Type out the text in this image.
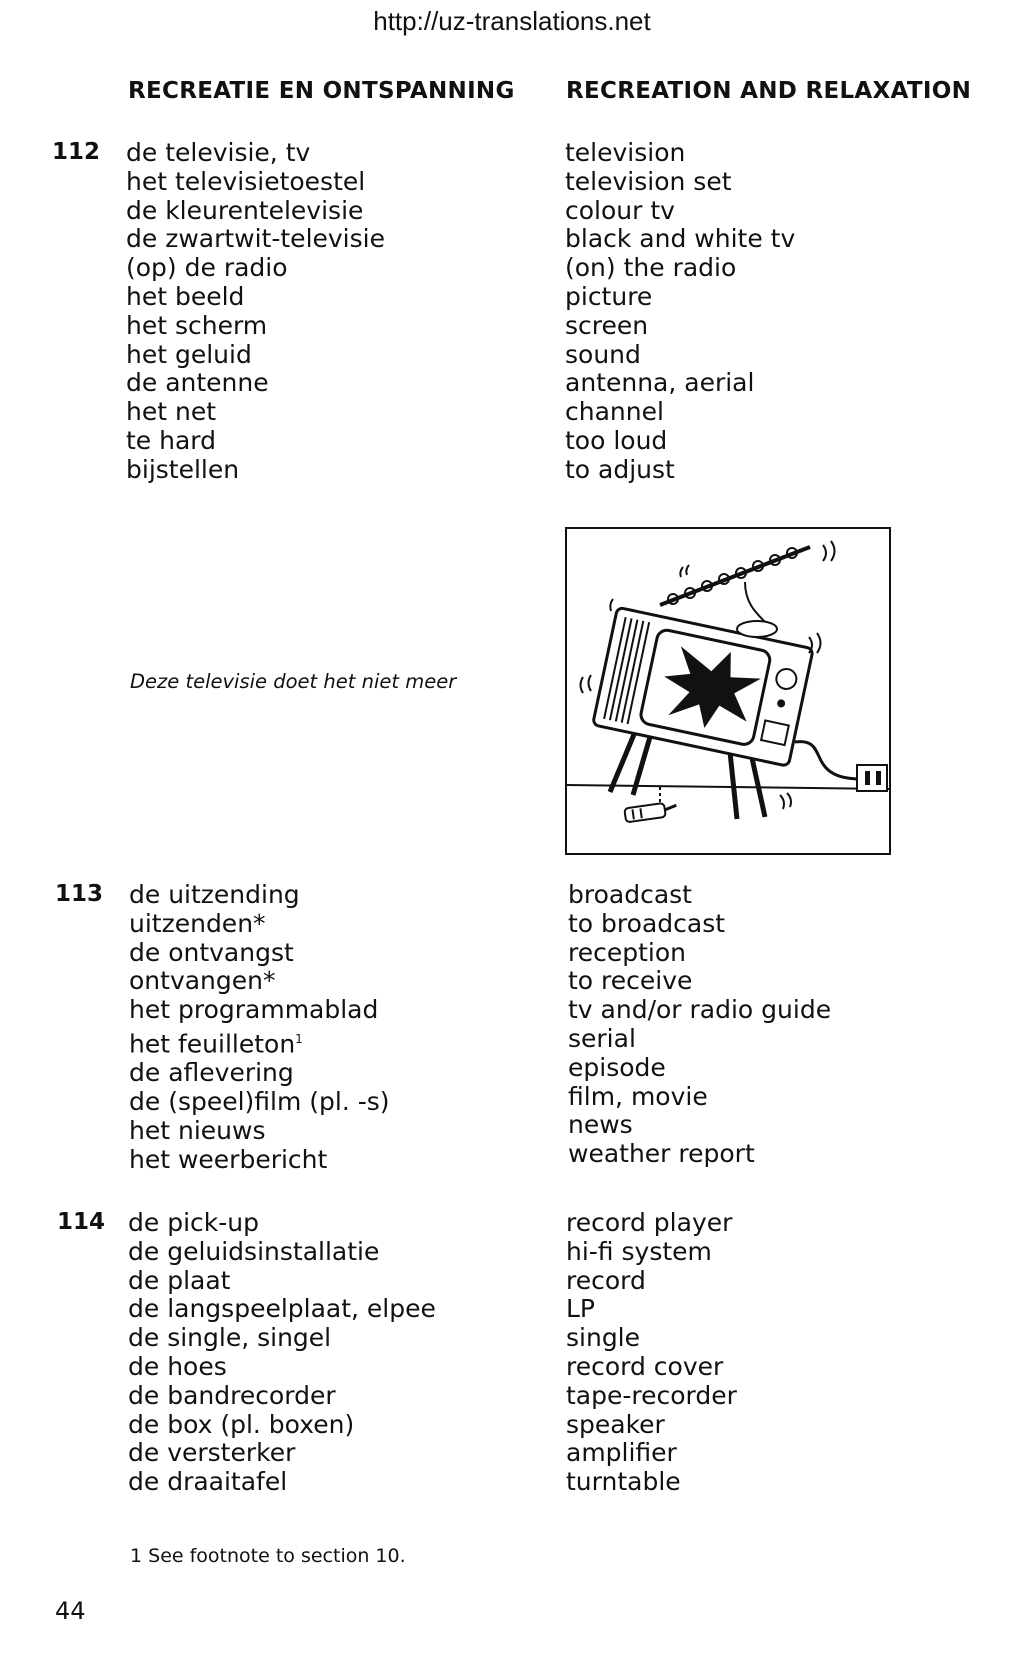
http://uz-translations.net
RECREATIE EN ONTSPANNING RECREATION AND RELAXATION
112 de televisie, tv
het televisietoestel
de kleurentelevisie
de zwartwit-televisie
(op) de radio
het beeld
het scherm
het geluid
de antenne
het net
te hard
bijstellen
television
television set
colour tv
black and white tv
(on) the radio
picture
screen
sound
antenna, aerial
channel
too loud
to adjust
Deze televisie doet het niet meer
113 de uitzending
uitzenden*
de ontvangst
ontvangen*
het programmablad
het feuilleton$^1$
de aflevering
de (speel)film (pl. -s)
het nieuws
het weerbericht
broadcast
to broadcast
reception
to receive
tv and/or radio guide
serial
episode
film, movie
news
weather report
114 de pick-up
de geluidsinstallatie
de plaat
de langspeelplaat, elpee
de single, singel
de hoes
de bandrecorder
de box (pl. boxen)
de versterker
de draaitafel
record player
hi-fi system
record
LP
single
record cover
tape-recorder
speaker
amplifier
turntable
1 See footnote to section 10.
44
